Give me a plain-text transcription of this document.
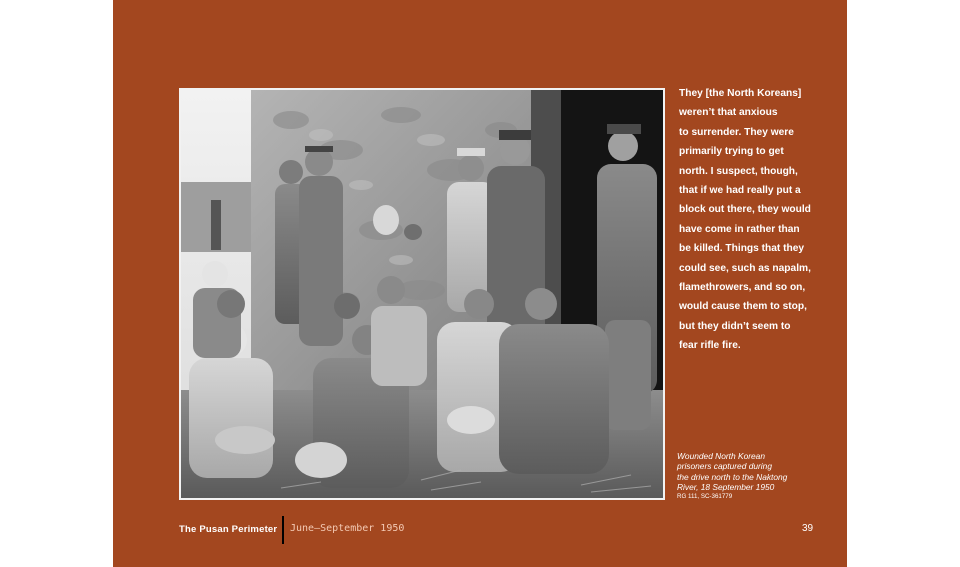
They [the North Koreans]
weren’t that anxious
to surrender. They were
primarily trying to get
north. I suspect, though,
that if we had really put a
block out there, they would
have come in rather than
be killed. Things that they
could see, such as napalm,
flamethrowers, and so on,
would cause them to stop,
but they didn’t seem to
fear rifle fire.
Wounded North Korean
prisoners captured during
the drive north to the Naktong
River, 18 September 1950
RG 111, SC-361779
The Pusan Perimeter June–September 1950	39
